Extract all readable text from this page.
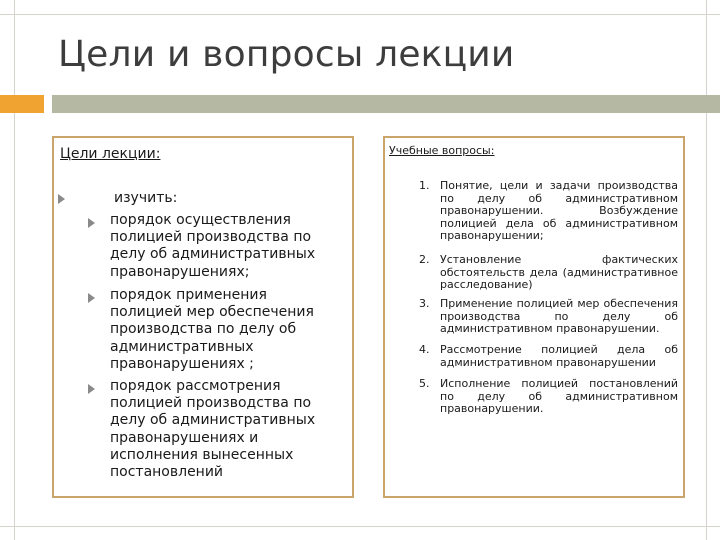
Цели и вопросы лекции
Цели лекции:
изучить:
порядок осуществления полицией производства по делу об административных правонарушениях;
порядок применения полицией мер обеспечения производства по делу об административных правонарушениях ;
порядок рассмотрения полицией производства по делу об административных правонарушениях и исполнения вынесенных постановлений
Учебные вопросы:
1. Понятие, цели и задачи производства по делу об административном правонарушении. Возбуждение полицией дела об административном правонарушении;
2. Установление фактических обстоятельств дела (административное расследование)
3. Применение полицией мер обеспечения производства по делу об административном правонарушении.
4. Рассмотрение полицией дела об административном правонарушении
5. Исполнение полицией постановлений по делу об административном правонарушении.
